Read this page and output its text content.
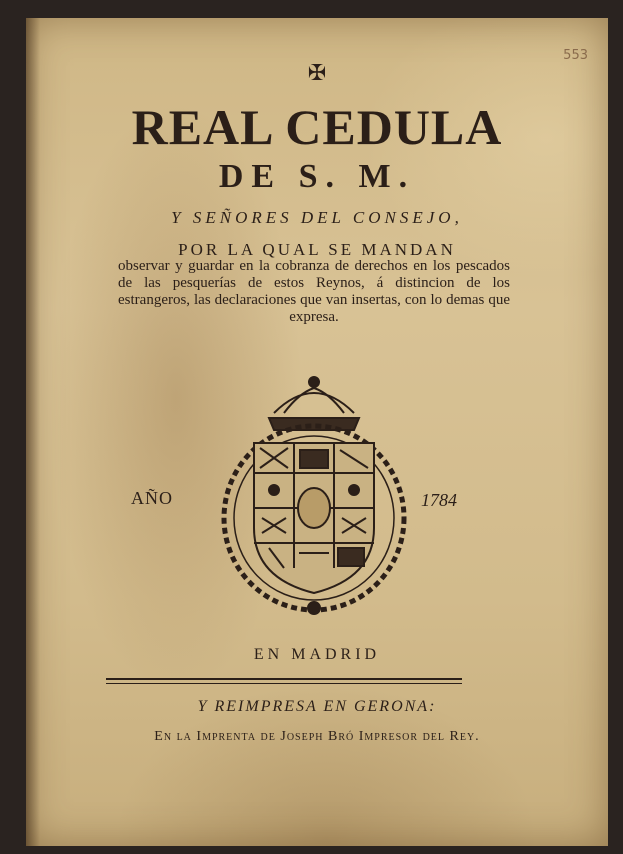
553
✠
REAL CEDULA
DE S. M.
Y SEÑORES DEL CONSEJO,
POR LA QUAL SE MANDAN
observar y guardar en la cobranza de derechos en los pescados de las pesquerías de estos Reynos, á distincion de los estrangeros, las declaraciones que van insertas, con lo demas que expresa.
AÑO	1784
EN MADRID
Y REIMPRESA EN GERONA:
En la Imprenta de Joseph Bró Impresor del Rey.
